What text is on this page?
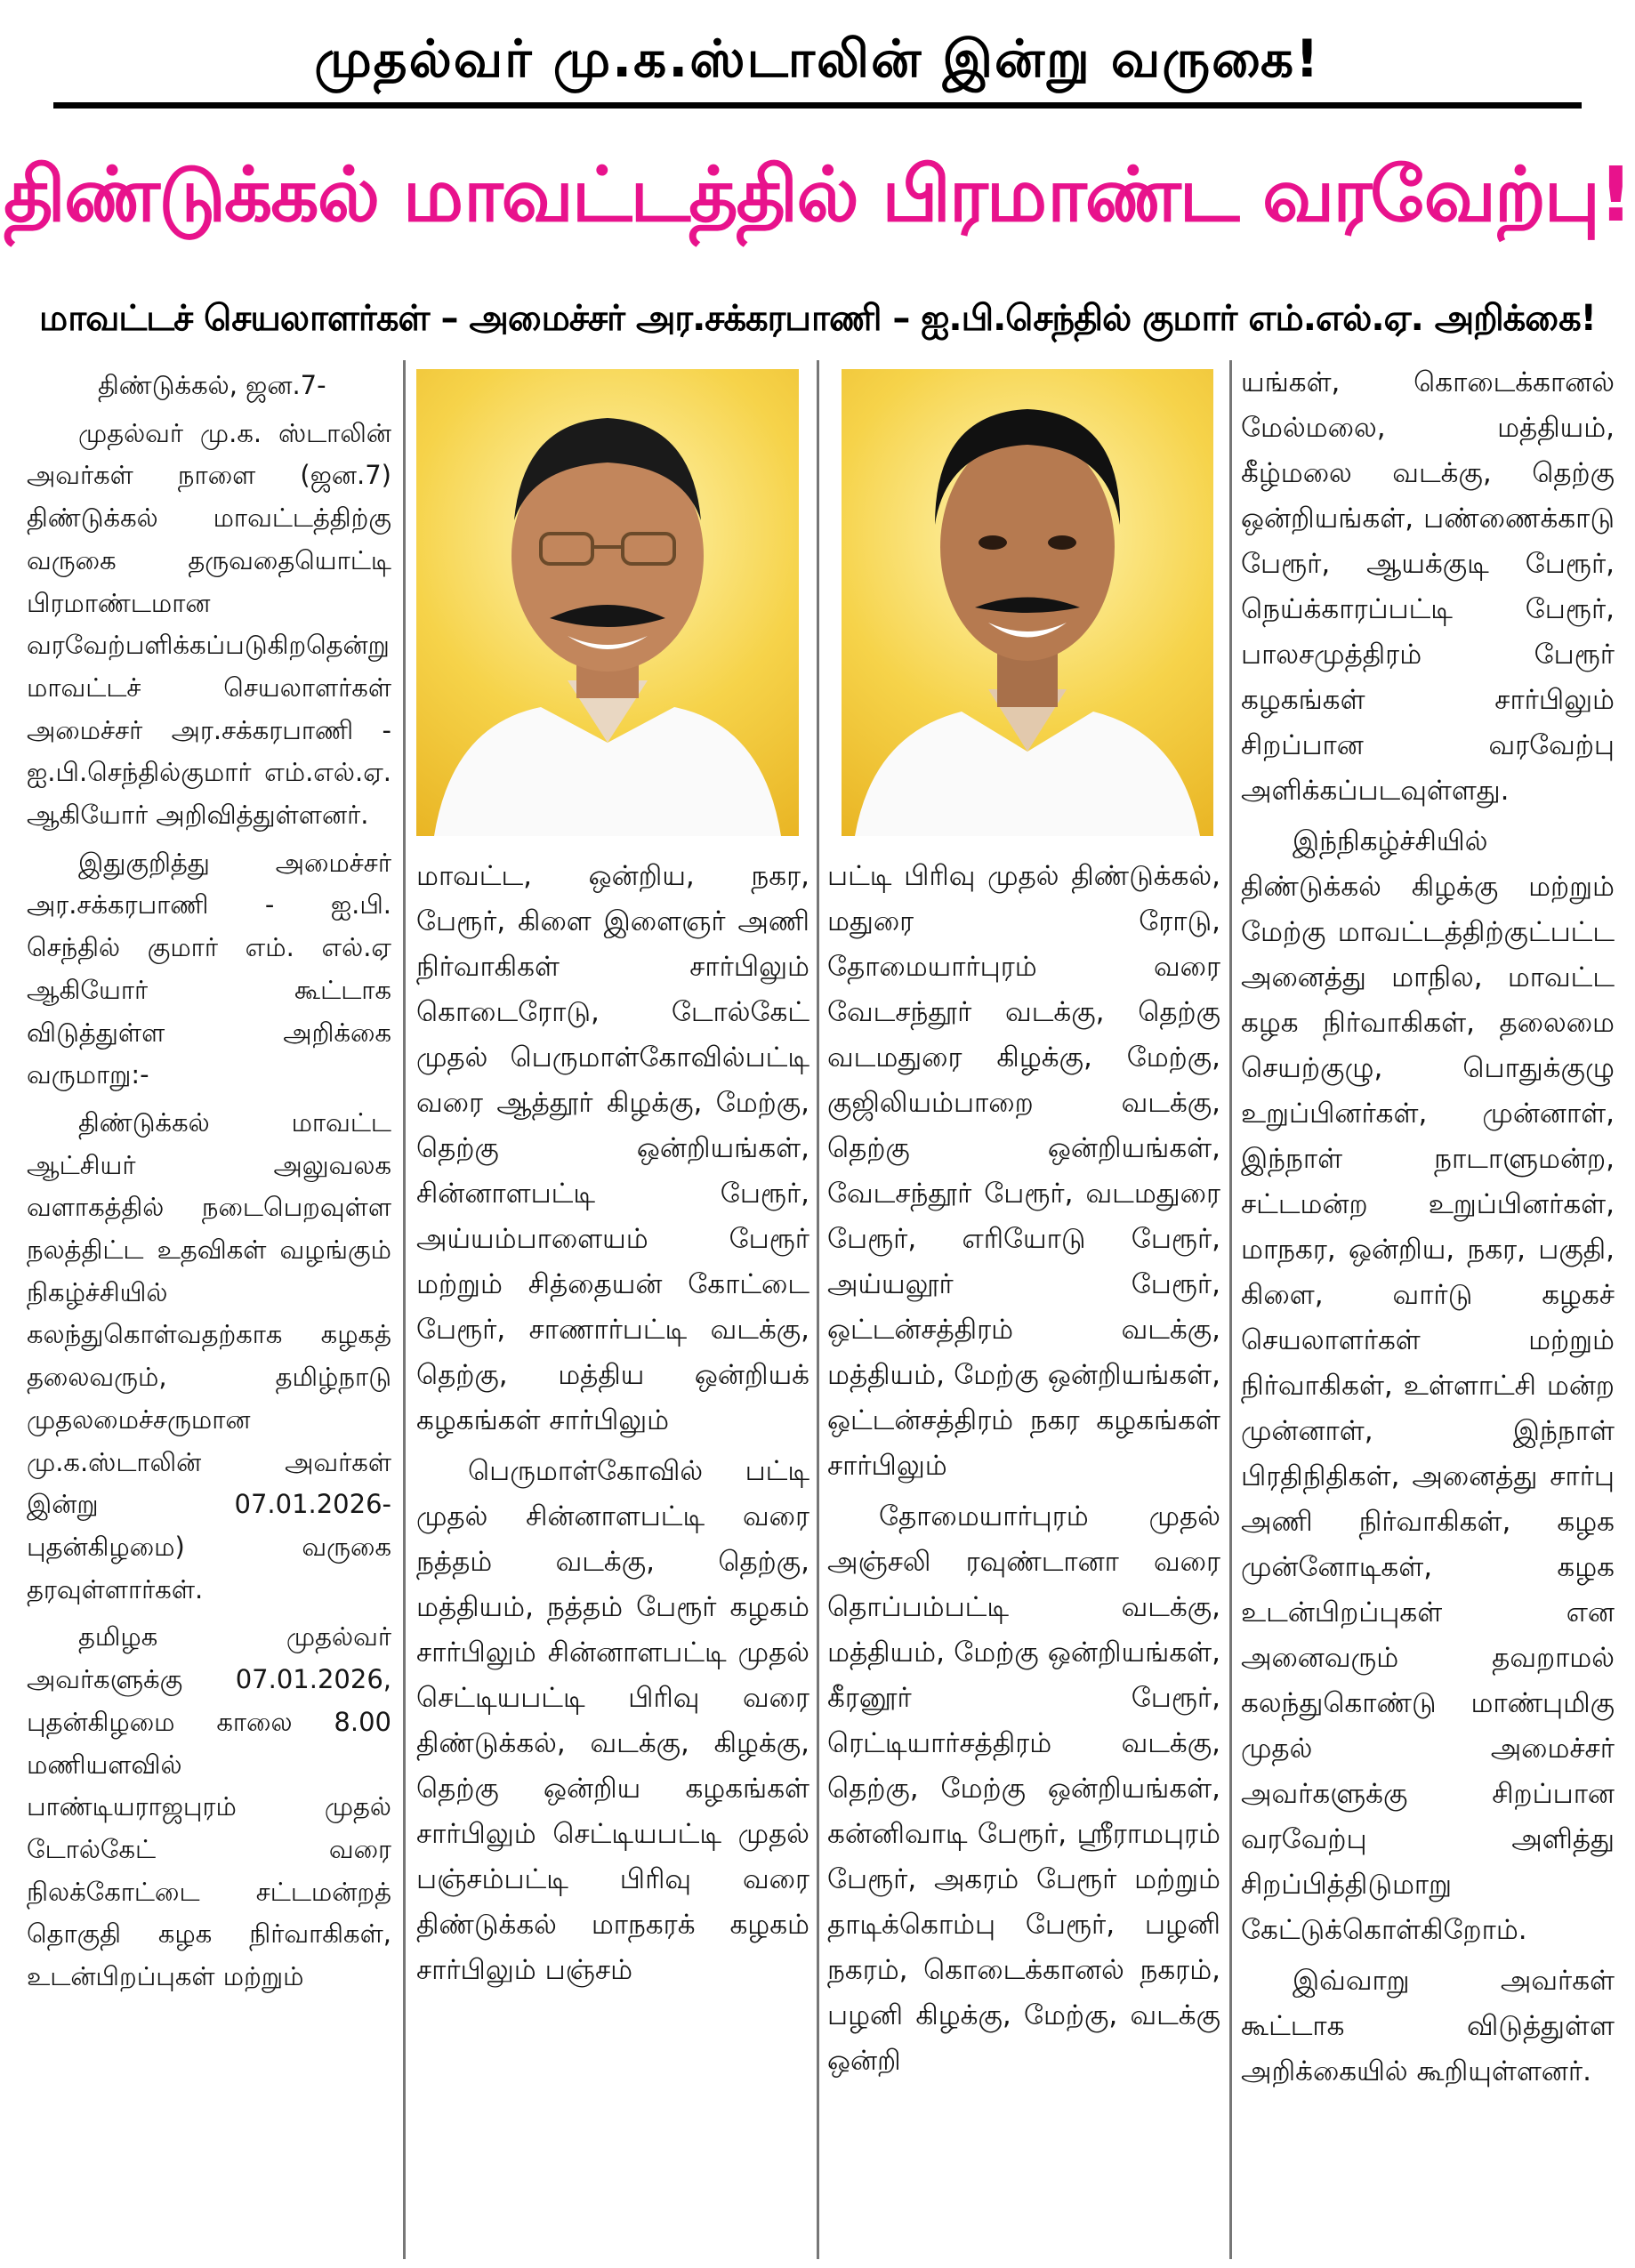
முதல்வர் மு.க.ஸ்டாலின் இன்று வருகை!
திண்டுக்கல் மாவட்டத்தில் பிரமாண்ட வரவேற்பு!
மாவட்டச் செயலாளர்கள் – அமைச்சர் அர.சக்கரபாணி – ஐ.பி.செந்தில் குமார் எம்.எல்.ஏ. அறிக்கை!

திண்டுக்கல், ஜன.7-

முதல்வர் மு.க. ஸ்டாலின் அவர்கள் நாளை (ஜன.7) திண்டுக்கல் மாவட்டத்திற்கு வருகை தருவதையொட்டி பிரமாண்டமான வரவேற்பளிக்கப்படுகிறதென்று மாவட்டச் செயலாளர்கள் அமைச்சர் அர.சக்கரபாணி - ஐ.பி.செந்தில்குமார் எம்.எல்.ஏ. ஆகியோர் அறிவித்துள்ளனர்.

இதுகுறித்து அமைச்சர் அர.சக்கரபாணி - ஐ.பி. செந்தில் குமார் எம். எல்.ஏ ஆகியோர் கூட்டாக விடுத்துள்ள அறிக்கை வருமாறு:-

திண்டுக்கல் மாவட்ட ஆட்சியர் அலுவலக வளாகத்தில் நடைபெறவுள்ள நலத்திட்ட உதவிகள் வழங்கும் நிகழ்ச்சியில் கலந்துகொள்வதற்காக கழகத் தலைவரும், தமிழ்நாடு முதலமைச்சருமான மு.க.ஸ்டாலின் அவர்கள் இன்று 07.01.2026-புதன்கிழமை) வருகை தரவுள்ளார்கள்.

தமிழக முதல்வர் அவர்களுக்கு 07.01.2026, புதன்கிழமை காலை 8.00 மணியளவில் பாண்டியராஜபுரம் முதல் டோல்கேட் வரை நிலக்கோட்டை சட்டமன்றத் தொகுதி கழக நிர்வாகிகள், உடன்பிறப்புகள் மற்றும்

மாவட்ட, ஒன்றிய, நகர, பேரூர், கிளை இளைஞர் அணி நிர்வாகிகள் சார்பிலும் கொடைரோடு, டோல்கேட் முதல் பெருமாள்கோவில்பட்டி வரை ஆத்தூர் கிழக்கு, மேற்கு, தெற்கு ஒன்றியங்கள், சின்னாளபட்டி பேரூர், அய்யம்பாளையம் பேரூர் மற்றும் சித்தையன் கோட்டை பேரூர், சாணார்பட்டி வடக்கு, தெற்கு, மத்திய ஒன்றியக் கழகங்கள் சார்பிலும்

பெருமாள்கோவில் பட்டி முதல் சின்னாளபட்டி வரை நத்தம் வடக்கு, தெற்கு, மத்தியம், நத்தம் பேரூர் கழகம் சார்பிலும் சின்னாளபட்டி முதல் செட்டியபட்டி பிரிவு வரை திண்டுக்கல், வடக்கு, கிழக்கு, தெற்கு ஒன்றிய கழகங்கள் சார்பிலும் செட்டியபட்டி முதல் பஞ்சம்பட்டி பிரிவு வரை திண்டுக்கல் மாநகரக் கழகம் சார்பிலும் பஞ்சம்

பட்டி பிரிவு முதல் திண்டுக்கல், மதுரை ரோடு, தோமையார்புரம் வரை வேடசந்தூர் வடக்கு, தெற்கு வடமதுரை கிழக்கு, மேற்கு, குஜிலியம்பாறை வடக்கு, தெற்கு ஒன்றியங்கள், வேடசந்தூர் பேரூர், வடமதுரை பேரூர், எரியோடு பேரூர், அய்யலூர் பேரூர், ஒட்டன்சத்திரம் வடக்கு, மத்தியம், மேற்கு ஒன்றியங்கள், ஒட்டன்சத்திரம் நகர கழகங்கள் சார்பிலும்

தோமையார்புரம் முதல் அஞ்சலி ரவுண்டானா வரை தொப்பம்பட்டி வடக்கு, மத்தியம், மேற்கு ஒன்றியங்கள், கீரனூர் பேரூர், ரெட்டியார்சத்திரம் வடக்கு, தெற்கு, மேற்கு ஒன்றியங்கள், கன்னிவாடி பேரூர், ஸ்ரீராமபுரம் பேரூர், அகரம் பேரூர் மற்றும் தாடிக்கொம்பு பேரூர், பழனி நகரம், கொடைக்கானல் நகரம், பழனி கிழக்கு, மேற்கு, வடக்கு ஒன்றி

யங்கள், கொடைக்கானல் மேல்மலை, மத்தியம், கீழ்மலை வடக்கு, தெற்கு ஒன்றியங்கள், பண்ணைக்காடு பேரூர், ஆயக்குடி பேரூர், நெய்க்காரப்பட்டி பேரூர், பாலசமுத்திரம் பேரூர் கழகங்கள் சார்பிலும் சிறப்பான வரவேற்பு அளிக்கப்படவுள்ளது.

இந்நிகழ்ச்சியில் திண்டுக்கல் கிழக்கு மற்றும் மேற்கு மாவட்டத்திற்குட்பட்ட அனைத்து மாநில, மாவட்ட கழக நிர்வாகிகள், தலைமை செயற்குழு, பொதுக்குழு உறுப்பினர்கள், முன்னாள், இந்நாள் நாடாளுமன்ற, சட்டமன்ற உறுப்பினர்கள், மாநகர, ஒன்றிய, நகர, பகுதி, கிளை, வார்டு கழகச் செயலாளர்கள் மற்றும் நிர்வாகிகள், உள்ளாட்சி மன்ற முன்னாள், இந்நாள் பிரதிநிதிகள், அனைத்து சார்பு அணி நிர்வாகிகள், கழக முன்னோடிகள், கழக உடன்பிறப்புகள் என அனைவரும் தவறாமல் கலந்துகொண்டு மாண்புமிகு முதல் அமைச்சர் அவர்களுக்கு சிறப்பான வரவேற்பு அளித்து சிறப்பித்திடுமாறு கேட்டுக்கொள்கிறோம்.

இவ்வாறு அவர்கள் கூட்டாக விடுத்துள்ள அறிக்கையில் கூறியுள்ளனர்.
